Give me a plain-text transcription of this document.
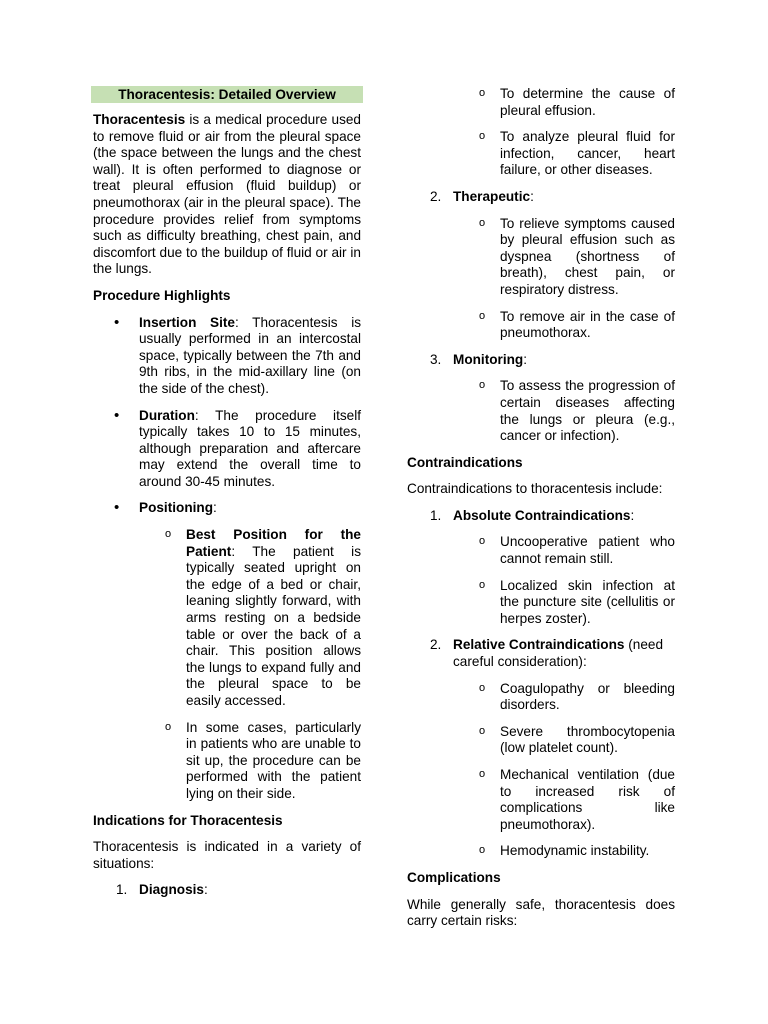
Thoracentesis: Detailed Overview

Thoracentesis is a medical procedure used to remove fluid or air from the pleural space (the space between the lungs and the chest wall). It is often performed to diagnose or treat pleural effusion (fluid buildup) or pneumothorax (air in the pleural space). The procedure provides relief from symptoms such as difficulty breathing, chest pain, and discomfort due to the buildup of fluid or air in the lungs.

Procedure Highlights

• Insertion Site: Thoracentesis is usually performed in an intercostal space, typically between the 7th and 9th ribs, in the mid-axillary line (on the side of the chest).
• Duration: The procedure itself typically takes 10 to 15 minutes, although preparation and aftercare may extend the overall time to around 30-45 minutes.
• Positioning:
o Best Position for the Patient: The patient is typically seated upright on the edge of a bed or chair, leaning slightly forward, with arms resting on a bedside table or over the back of a chair. This position allows the lungs to expand fully and the pleural space to be easily accessed.
o In some cases, particularly in patients who are unable to sit up, the procedure can be performed with the patient lying on their side.

Indications for Thoracentesis

Thoracentesis is indicated in a variety of situations:

1. Diagnosis:
o To determine the cause of pleural effusion.
o To analyze pleural fluid for infection, cancer, heart failure, or other diseases.
2. Therapeutic:
o To relieve symptoms caused by pleural effusion such as dyspnea (shortness of breath), chest pain, or respiratory distress.
o To remove air in the case of pneumothorax.
3. Monitoring:
o To assess the progression of certain diseases affecting the lungs or pleura (e.g., cancer or infection).

Contraindications

Contraindications to thoracentesis include:

1. Absolute Contraindications:
o Uncooperative patient who cannot remain still.
o Localized skin infection at the puncture site (cellulitis or herpes zoster).
2. Relative Contraindications (need careful consideration):
o Coagulopathy or bleeding disorders.
o Severe thrombocytopenia (low platelet count).
o Mechanical ventilation (due to increased risk of complications like pneumothorax).
o Hemodynamic instability.

Complications

While generally safe, thoracentesis does carry certain risks:
